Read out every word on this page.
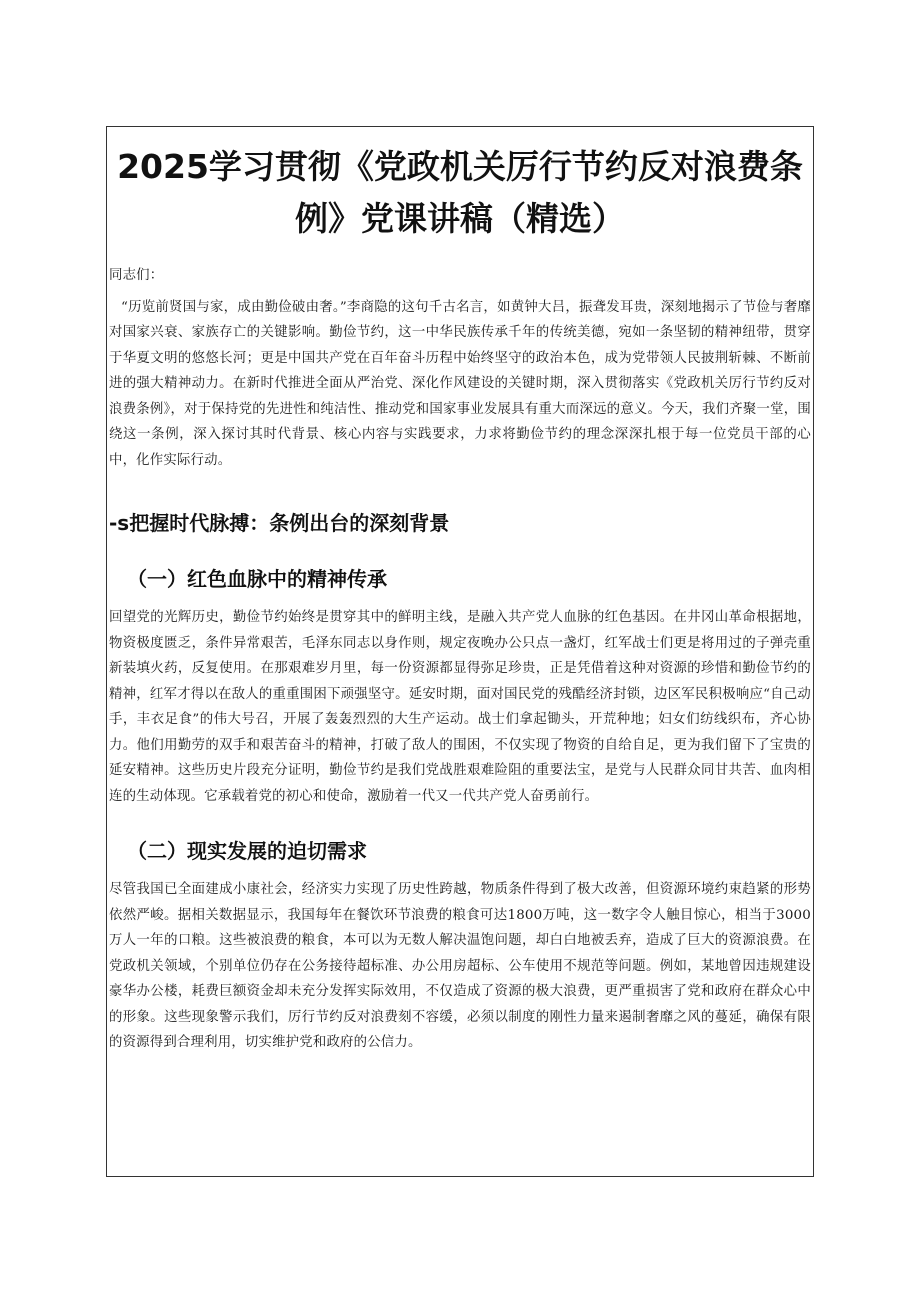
2025学习贯彻《党政机关厉行节约反对浪费条
例》党课讲稿（精选）

同志们：

“历览前贤国与家，成由勤俭破由奢。”李商隐的这句千古名言，如黄钟大吕，振聋发耳贵，深刻地揭示了节俭与奢靡对国家兴衰、家族存亡的关键影响。勤俭节约，这一中华民族传承千年的传统美德，宛如一条坚韧的精神纽带，贯穿于华夏文明的悠悠长河；更是中国共产党在百年奋斗历程中始终坚守的政治本色，成为党带领人民披荆斩棘、不断前进的强大精神动力。在新时代推进全面从严治党、深化作风建设的关键时期，深入贯彻落实《党政机关厉行节约反对浪费条例》，对于保持党的先进性和纯洁性、推动党和国家事业发展具有重大而深远的意义。今天，我们齐聚一堂，围绕这一条例，深入探讨其时代背景、核心内容与实践要求，力求将勤俭节约的理念深深扎根于每一位党员干部的心中，化作实际行动。

-s把握时代脉搏：条例出台的深刻背景
（一）红色血脉中的精神传承

回望党的光辉历史，勤俭节约始终是贯穿其中的鲜明主线，是融入共产党人血脉的红色基因。在井冈山革命根据地，物资极度匮乏，条件异常艰苦，毛泽东同志以身作则，规定夜晚办公只点一盏灯，红军战士们更是将用过的子弹壳重新装填火药，反复使用。在那艰难岁月里，每一份资源都显得弥足珍贵，正是凭借着这种对资源的珍惜和勤俭节约的精神，红军才得以在敌人的重重围困下顽强坚守。延安时期，面对国民党的残酷经济封锁，边区军民积极响应“自己动手，丰衣足食”的伟大号召，开展了轰轰烈烈的大生产运动。战士们拿起锄头，开荒种地；妇女们纺线织布，齐心协力。他们用勤劳的双手和艰苦奋斗的精神，打破了敌人的围困，不仅实现了物资的自给自足，更为我们留下了宝贵的延安精神。这些历史片段充分证明，勤俭节约是我们党战胜艰难险阻的重要法宝，是党与人民群众同甘共苦、血肉相连的生动体现。它承载着党的初心和使命，激励着一代又一代共产党人奋勇前行。

（二）现实发展的迫切需求

尽管我国已全面建成小康社会，经济实力实现了历史性跨越，物质条件得到了极大改善，但资源环境约束趋紧的形势依然严峻。据相关数据显示，我国每年在餐饮环节浪费的粮食可达1800万吨，这一数字令人触目惊心，相当于3000万人一年的口粮。这些被浪费的粮食，本可以为无数人解决温饱问题，却白白地被丢弃，造成了巨大的资源浪费。在党政机关领域，个别单位仍存在公务接待超标准、办公用房超标、公车使用不规范等问题。例如，某地曾因违规建设豪华办公楼，耗费巨额资金却未充分发挥实际效用，不仅造成了资源的极大浪费，更严重损害了党和政府在群众心中的形象。这些现象警示我们，厉行节约反对浪费刻不容缓，必须以制度的刚性力量来遏制奢靡之风的蔓延，确保有限的资源得到合理利用，切实维护党和政府的公信力。
